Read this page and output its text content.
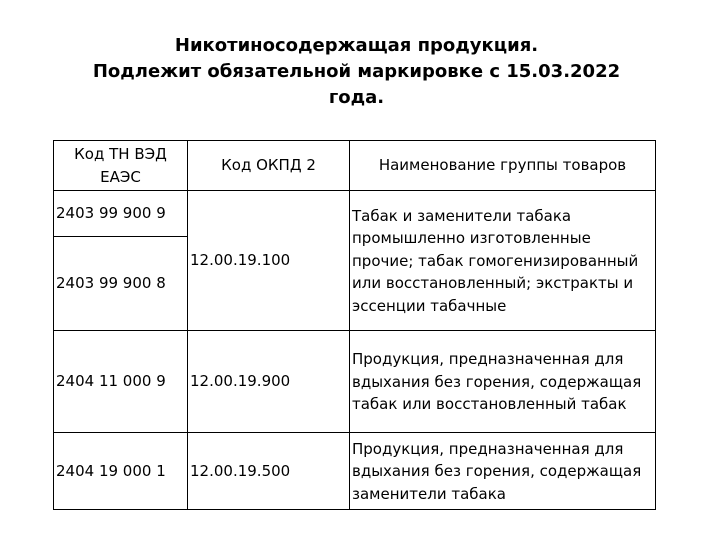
Никотиносодержащая продукция.
Подлежит обязательной маркировке с 15.03.2022
года.
Код ТН ВЭД ЕАЭС	Код ОКПД 2	Наименование группы товаров
2403 99 900 9	12.00.19.100	Табак и заменители табака промышленно изготовленные прочие; табак гомогенизированный или восстановленный; экстракты и эссенции табачные
2403 99 900 8		
2404 11 000 9	12.00.19.900	Продукция, предназначенная для вдыхания без горения, содержащая табак или восстановленный табак
2404 19 000 1	12.00.19.500	Продукция, предназначенная для вдыхания без горения, содержащая заменители табака
